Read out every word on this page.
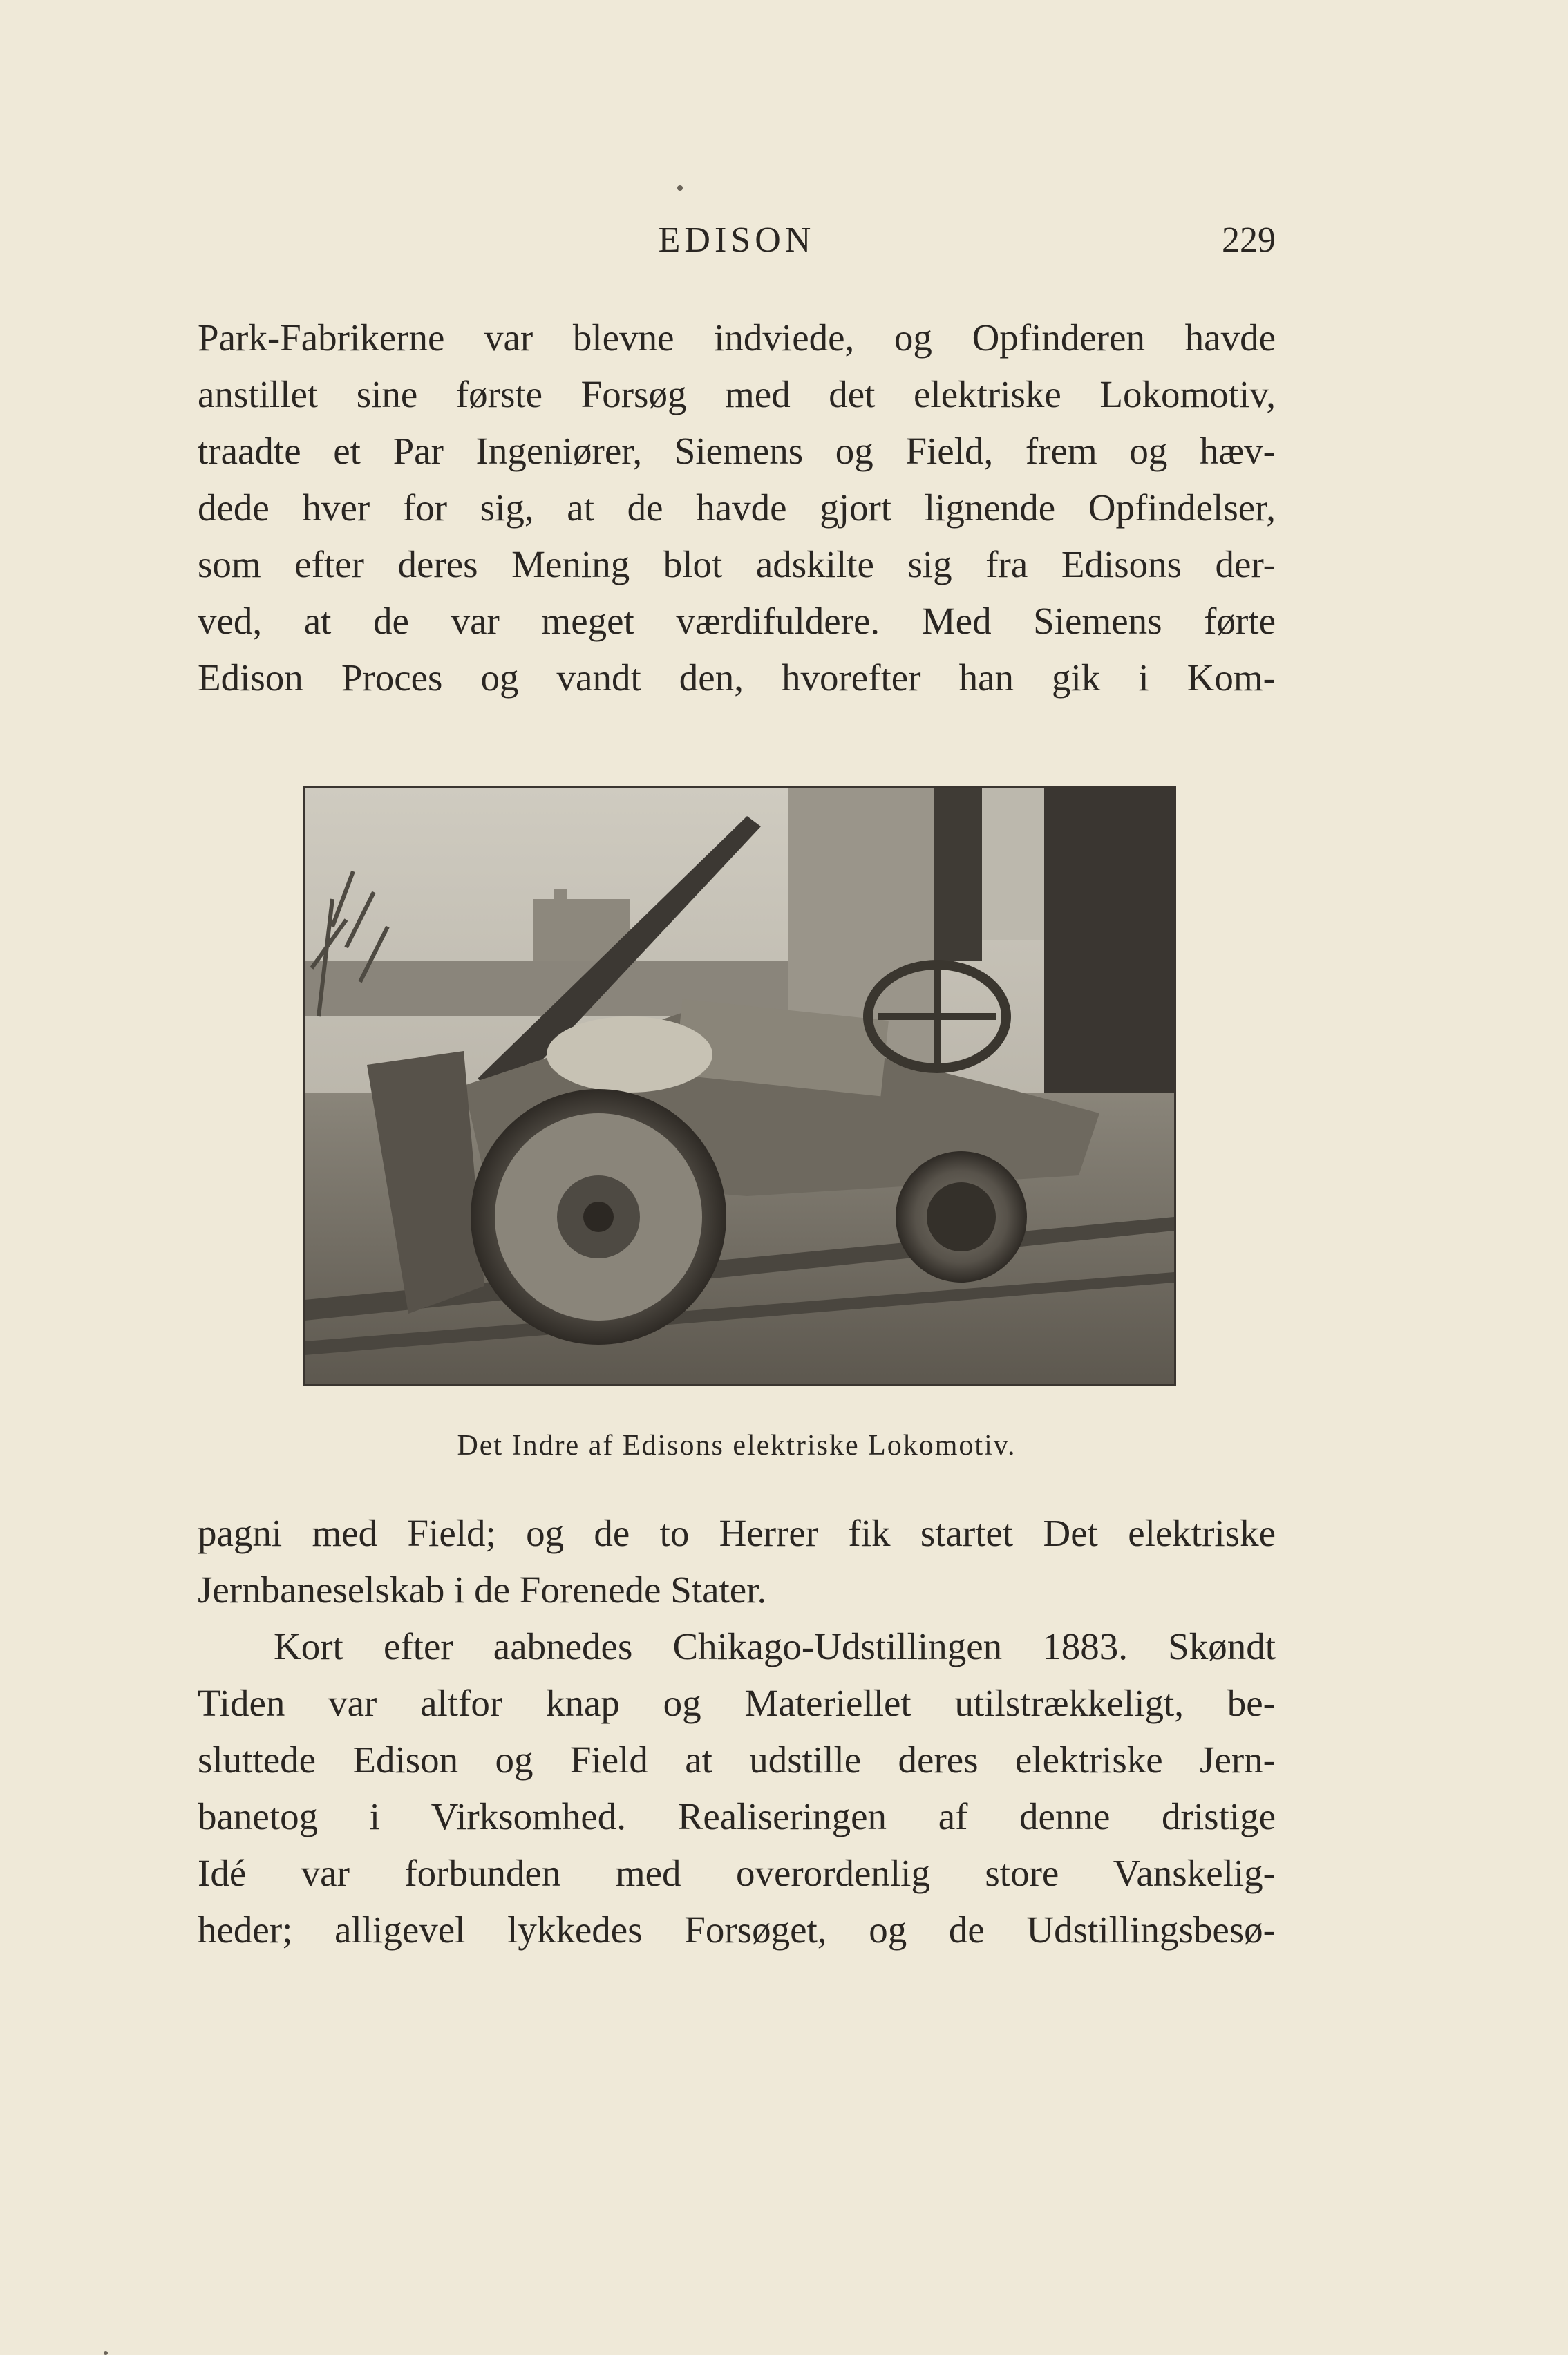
EDISON	229
Park-Fabrikerne var blevne indviede, og Opfinderen havde
anstillet sine første Forsøg med det elektriske Lokomotiv,
traadte et Par Ingeniører, Siemens og Field, frem og hæv-
dede hver for sig, at de havde gjort lignende Opfindelser,
som efter deres Mening blot adskilte sig fra Edisons der-
ved, at de var meget værdifuldere. Med Siemens førte
Edison Proces og vandt den, hvorefter han gik i Kom-
Det Indre af Edisons elektriske Lokomotiv.
pagni med Field; og de to Herrer fik startet Det elektriske
Jernbaneselskab i de Forenede Stater.
Kort efter aabnedes Chikago-Udstillingen 1883. Skøndt
Tiden var altfor knap og Materiellet utilstrækkeligt, be-
sluttede Edison og Field at udstille deres elektriske Jern-
banetog i Virksomhed. Realiseringen af denne dristige
Idé var forbunden med overordenlig store Vanskelig-
heder; alligevel lykkedes Forsøget, og de Udstillingsbesø-
